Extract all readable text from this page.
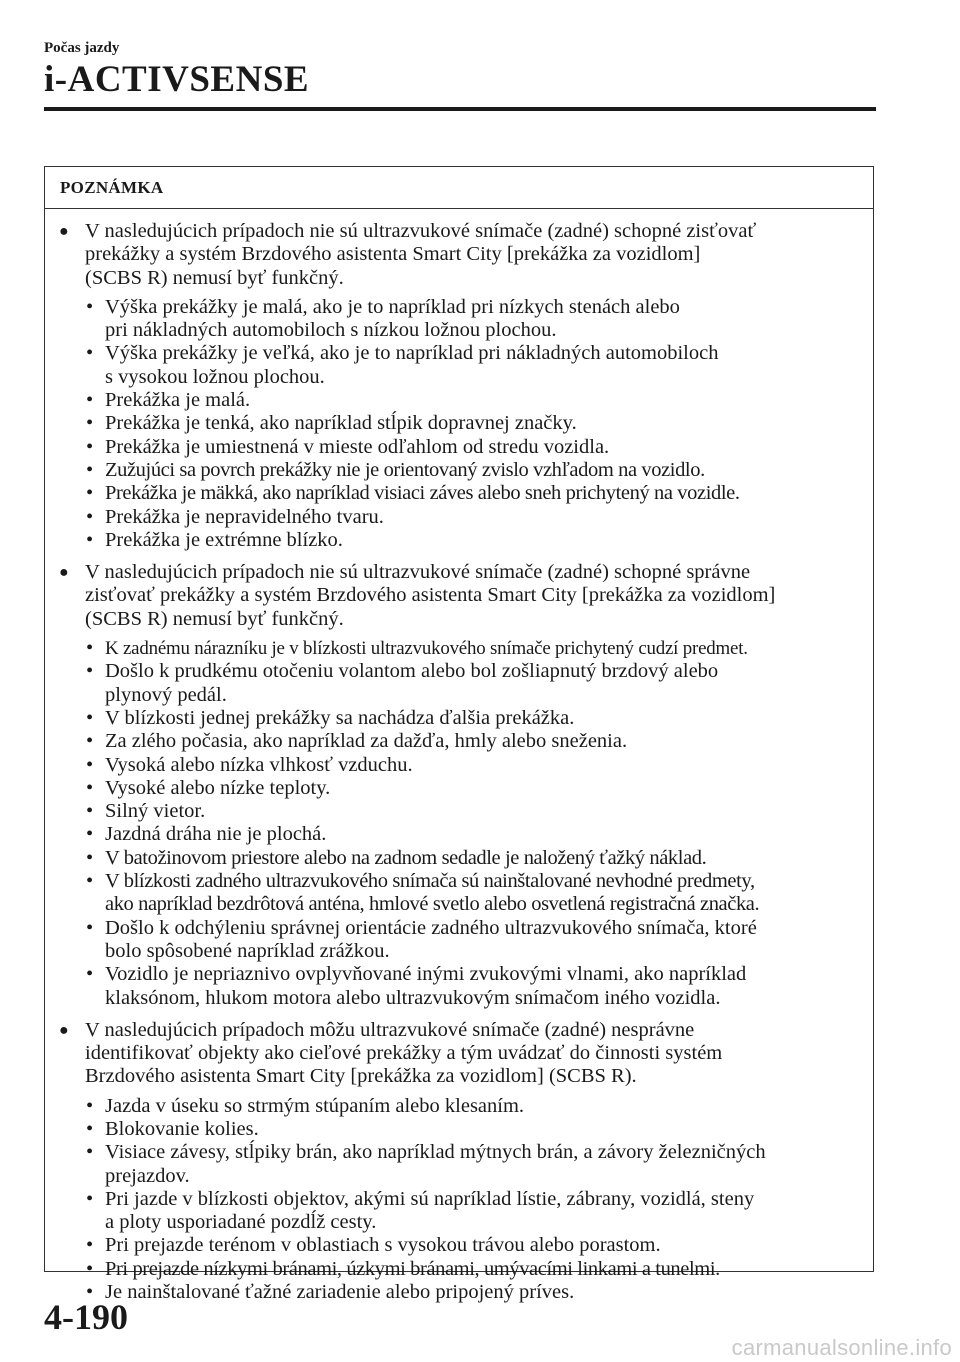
Počas jazdy
i-ACTIVSENSE
POZNÁMKA
● V nasledujúcich prípadoch nie sú ultrazvukové snímače (zadné) schopné zisťovať
prekážky a systém Brzdového asistenta Smart City [prekážka za vozidlom]
(SCBS R) nemusí byť funkčný.
• Výška prekážky je malá, ako je to napríklad pri nízkych stenách alebo
pri nákladných automobiloch s nízkou ložnou plochou.
• Výška prekážky je veľká, ako je to napríklad pri nákladných automobiloch
s vysokou ložnou plochou.
• Prekážka je malá.
• Prekážka je tenká, ako napríklad stĺpik dopravnej značky.
• Prekážka je umiestnená v mieste odľahlom od stredu vozidla.
• Zužujúci sa povrch prekážky nie je orientovaný zvislo vzhľadom na vozidlo.
• Prekážka je mäkká, ako napríklad visiaci záves alebo sneh prichytený na vozidle.
• Prekážka je nepravidelného tvaru.
• Prekážka je extrémne blízko.
● V nasledujúcich prípadoch nie sú ultrazvukové snímače (zadné) schopné správne
zisťovať prekážky a systém Brzdového asistenta Smart City [prekážka za vozidlom]
(SCBS R) nemusí byť funkčný.
• K zadnému nárazníku je v blízkosti ultrazvukového snímače prichytený cudzí predmet.
• Došlo k prudkému otočeniu volantom alebo bol zošliapnutý brzdový alebo
plynový pedál.
• V blízkosti jednej prekážky sa nachádza ďalšia prekážka.
• Za zlého počasia, ako napríklad za dažďa, hmly alebo sneženia.
• Vysoká alebo nízka vlhkosť vzduchu.
• Vysoké alebo nízke teploty.
• Silný vietor.
• Jazdná dráha nie je plochá.
• V batožinovom priestore alebo na zadnom sedadle je naložený ťažký náklad.
• V blízkosti zadného ultrazvukového snímača sú nainštalované nevhodné predmety,
ako napríklad bezdrôtová anténa, hmlové svetlo alebo osvetlená registračná značka.
• Došlo k odchýleniu správnej orientácie zadného ultrazvukového snímača, ktoré
bolo spôsobené napríklad zrážkou.
• Vozidlo je nepriaznivo ovplyvňované inými zvukovými vlnami, ako napríklad
klaksónom, hlukom motora alebo ultrazvukovým snímačom iného vozidla.
● V nasledujúcich prípadoch môžu ultrazvukové snímače (zadné) nesprávne
identifikovať objekty ako cieľové prekážky a tým uvádzať do činnosti systém
Brzdového asistenta Smart City [prekážka za vozidlom] (SCBS R).
• Jazda v úseku so strmým stúpaním alebo klesaním.
• Blokovanie kolies.
• Visiace závesy, stĺpiky brán, ako napríklad mýtnych brán, a závory železničných
prejazdov.
• Pri jazde v blízkosti objektov, akými sú napríklad lístie, zábrany, vozidlá, steny
a ploty usporiadané pozdĺž cesty.
• Pri prejazde terénom v oblastiach s vysokou trávou alebo porastom.
• Pri prejazde nízkymi bránami, úzkymi bránami, umývacími linkami a tunelmi.
• Je nainštalované ťažné zariadenie alebo pripojený príves.
4-190
carmanualsonline.info
